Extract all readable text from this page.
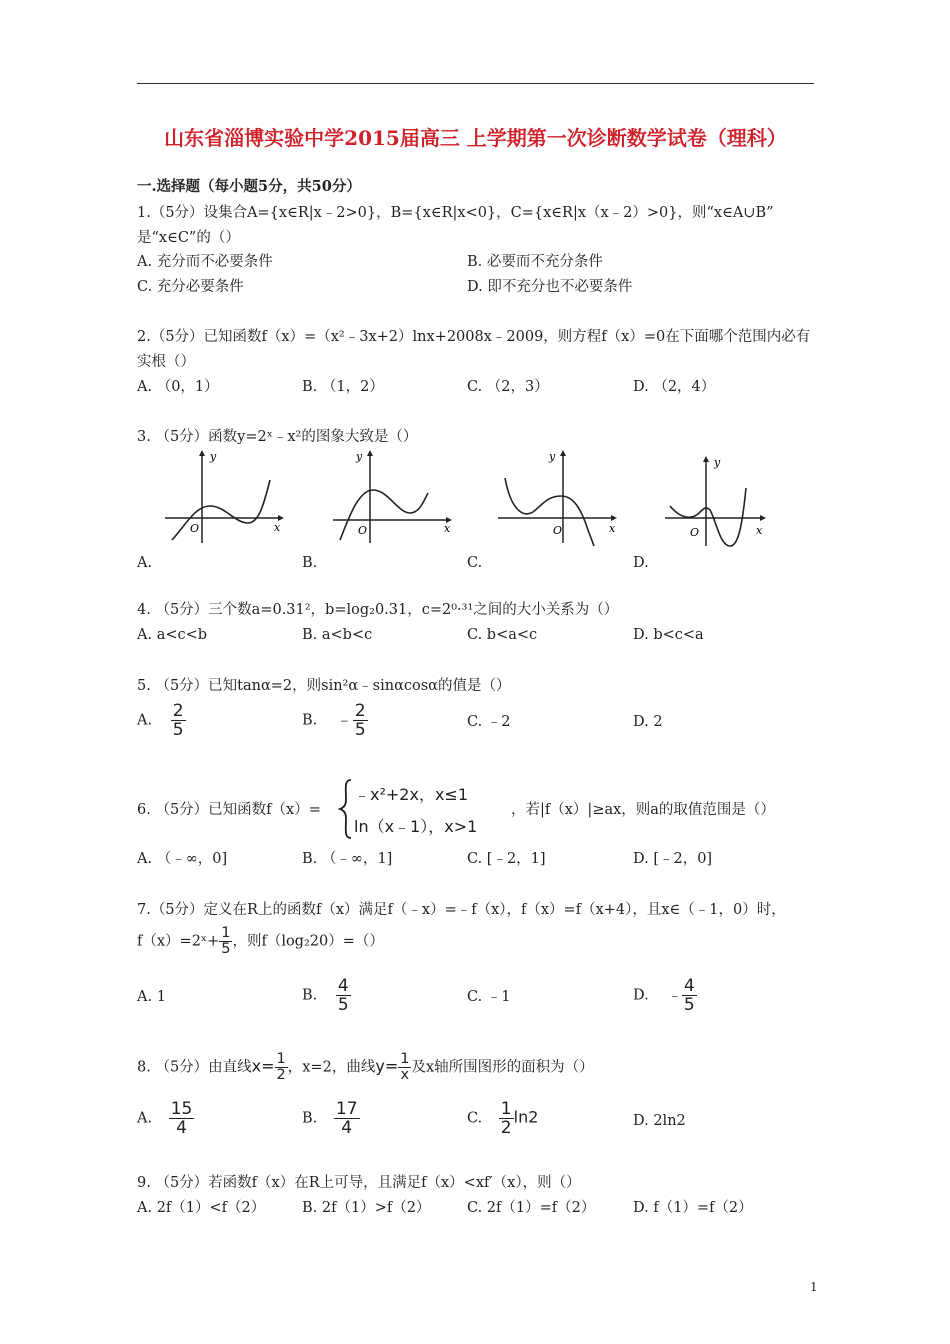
山东省淄博实验中学2015届高三 上学期第一次诊断数学试卷（理科）
一.选择题（每小题5分，共50分）
1.（5分）设集合A={x∈R|x﹣2>0}，B={x∈R|x<0}，C={x∈R|x（x﹣2）>0}，则“x∈A∪B”
是“x∈C”的（）
A. 充分而不必要条件	B. 必要而不充分条件
C. 充分必要条件	D. 即不充分也不必要条件
2.（5分）已知函数f（x）=（x²﹣3x+2）lnx+2008x﹣2009，则方程f（x）=0在下面哪个范围内必有
实根（）
A. （0，1）	B. （1，2）	C. （2，3）	D. （2，4）
3. （5分）函数y=2ˣ﹣x²的图象大致是（）
y
x
O
y
x
O
y
x
O
y
x
O
A.	B.	C.	D.
4. （5分）三个数a=0.31²，b=log₂0.31，c=2⁰·³¹之间的大小关系为（）
A. a<c<b	B. a<b<c	C. b<a<c	D. b<c<a
5. （5分）已知tanα=2，则sin²α﹣sinαcosα的值是（）
A. $\frac{2}{5}$	B. ﹣ $\frac{2}{5}$	C. ﹣2	D. 2
6. （5分）已知函数f（x）=
﹣x²+2x，x≤1
ln（x﹣1），x>1
，若|f（x）|≥ax，则a的取值范围是（）
A. （﹣∞，0]	B. （﹣∞，1]	C. [﹣2，1]	D. [﹣2，0]
7.（5分）定义在R上的函数f（x）满足f（﹣x）=﹣f（x），f（x）=f（x+4），且x∈（﹣1，0）时，
f（x）=2ˣ+ $\frac{1}{5}$ ，则f（log₂20）=（）
A. 1	B. $\frac{4}{5}$	C. ﹣1	D. ﹣ $\frac{4}{5}$
8. （5分）由直线$x= \frac{1}{2}$ ，x=2，曲线$y= \frac{1}{x}$ 及x轴所围图形的面积为（）
A. $\frac{15}{4}$	B. $\frac{17}{4}$	C. $\frac{1}{2} \ln 2$	D. 2ln2
9. （5分）若函数f（x）在R上可导，且满足f（x）<xf′（x），则（）
A. 2f（1）<f（2）	B. 2f（1）>f（2）	C. 2f（1）=f（2）	D. f（1）=f（2）
1
